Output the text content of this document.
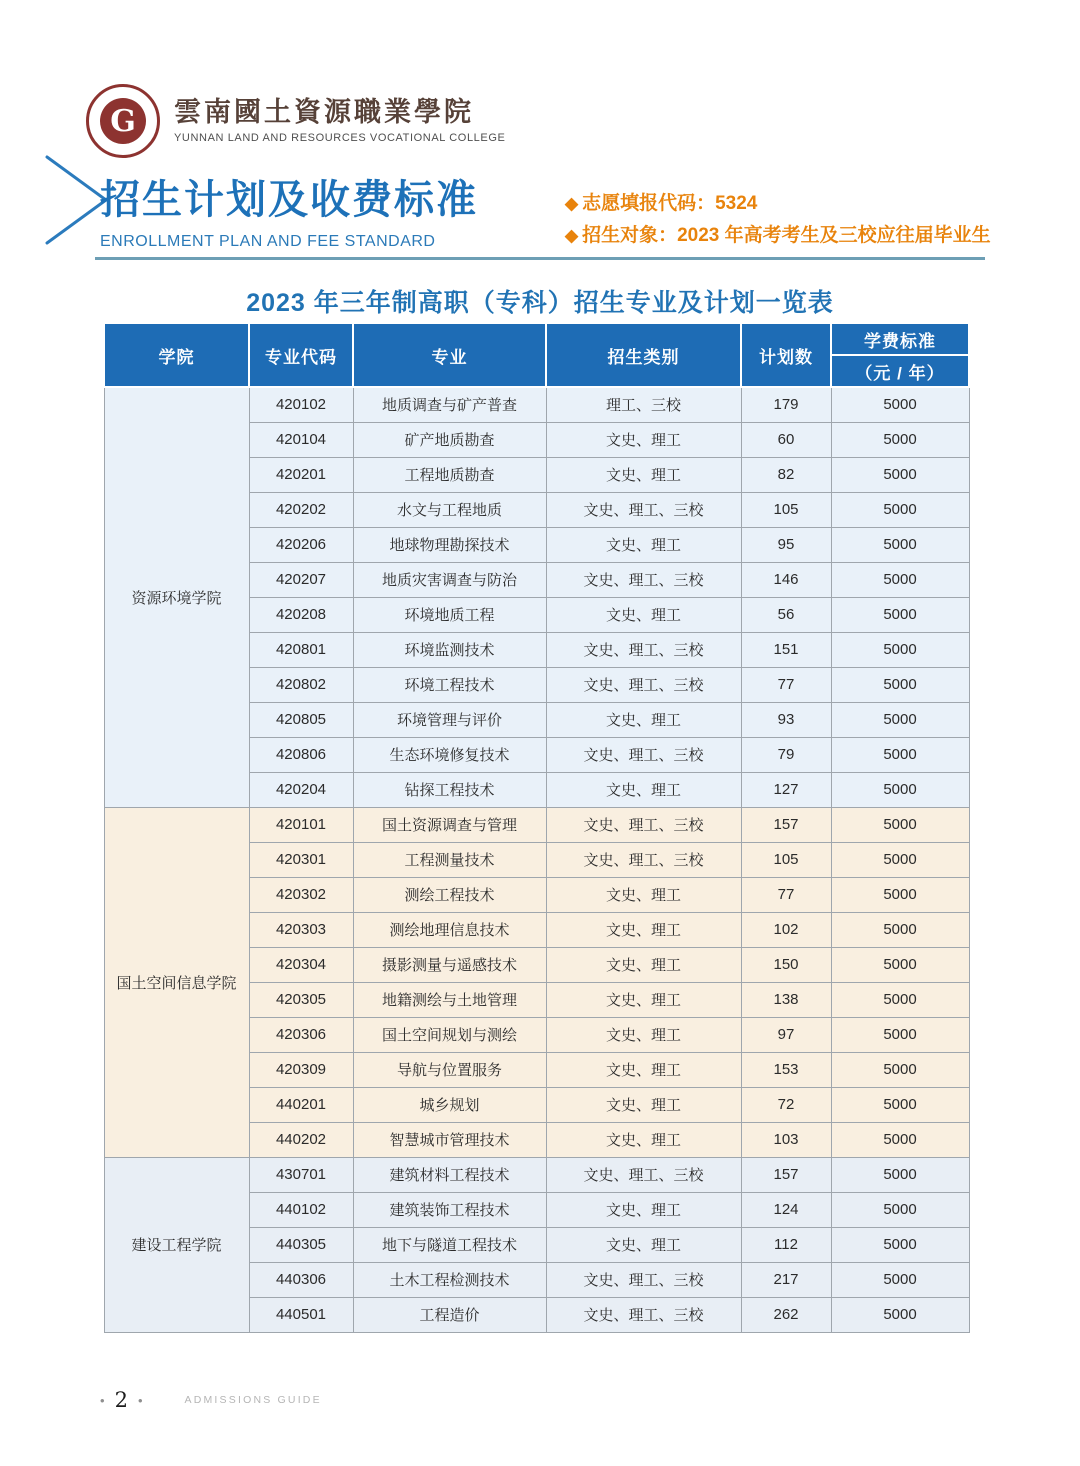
G	雲南國土資源職業學院
YUNNAN LAND AND RESOURCES VOCATIONAL COLLEGE
招生计划及收费标准
ENROLLMENT PLAN AND FEE STANDARD
◆ 志愿填报代码：5324
◆ 招生对象：2023 年高考考生及三校应往届毕业生
2023 年三年制高职（专科）招生专业及计划一览表
学院	专业代码	专业	招生类别	计划数	学费标准
					（元 / 年）
资源环境学院	420102	地质调查与矿产普查	理工、三校	179	5000
	420104	矿产地质勘查	文史、理工	60	5000
	420201	工程地质勘查	文史、理工	82	5000
	420202	水文与工程地质	文史、理工、三校	105	5000
	420206	地球物理勘探技术	文史、理工	95	5000
	420207	地质灾害调查与防治	文史、理工、三校	146	5000
	420208	环境地质工程	文史、理工	56	5000
	420801	环境监测技术	文史、理工、三校	151	5000
	420802	环境工程技术	文史、理工、三校	77	5000
	420805	环境管理与评价	文史、理工	93	5000
	420806	生态环境修复技术	文史、理工、三校	79	5000
	420204	钻探工程技术	文史、理工	127	5000
国土空间信息学院	420101	国土资源调查与管理	文史、理工、三校	157	5000
	420301	工程测量技术	文史、理工、三校	105	5000
	420302	测绘工程技术	文史、理工	77	5000
	420303	测绘地理信息技术	文史、理工	102	5000
	420304	摄影测量与遥感技术	文史、理工	150	5000
	420305	地籍测绘与土地管理	文史、理工	138	5000
	420306	国土空间规划与测绘	文史、理工	97	5000
	420309	导航与位置服务	文史、理工	153	5000
	440201	城乡规划	文史、理工	72	5000
	440202	智慧城市管理技术	文史、理工	103	5000
建设工程学院	430701	建筑材料工程技术	文史、理工、三校	157	5000
	440102	建筑装饰工程技术	文史、理工	124	5000
	440305	地下与隧道工程技术	文史、理工	112	5000
	440306	土木工程检测技术	文史、理工、三校	217	5000
	440501	工程造价	文史、理工、三校	262	5000
• 2 •	ADMISSIONS GUIDE
